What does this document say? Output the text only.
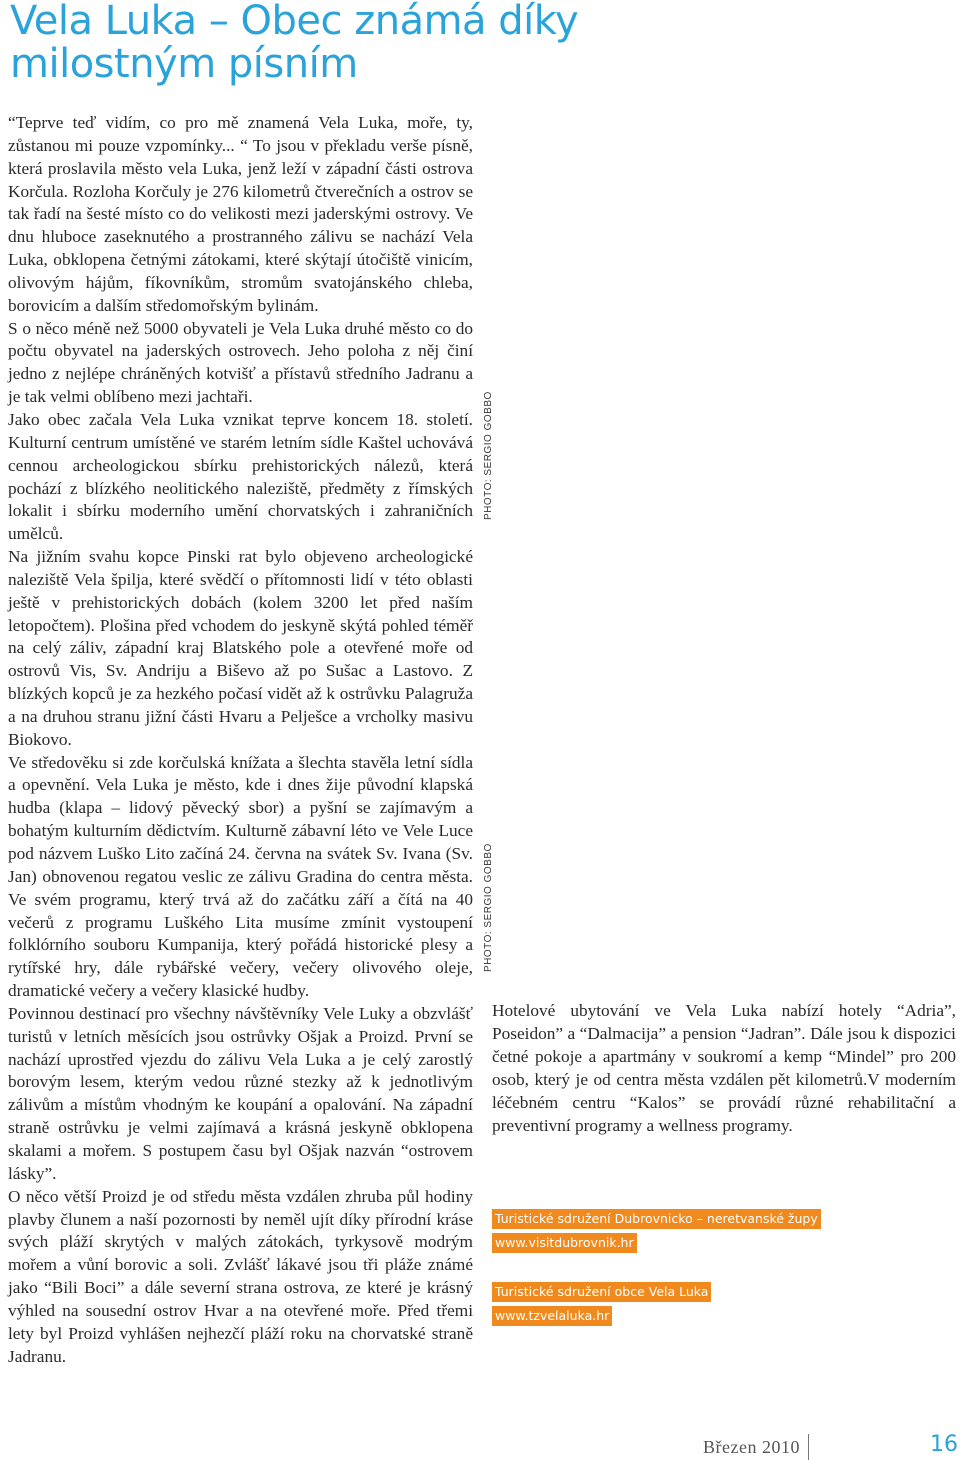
Vela Luka – Obec známá díky milostným písním

“Teprve teď vidím, co pro mě znamená Vela Luka, moře, ty, zůstanou mi pouze vzpomínky... “ To jsou v překladu verše písně, která proslavila město vela Luka, jenž leží v západní části ostrova Korčula. Rozloha Korčuly je 276 kilometrů čtverečních a ostrov se tak řadí na šesté místo co do velikosti mezi jaderskými ostrovy. Ve dnu hluboce zaseknutého a prostranného zálivu se nachází Vela Luka, obklopena četnými zátokami, které skýtají útočiště vinicím, olivovým hájům, fíkovníkům, stromům svatojánského chleba, borovicím a dalším středomořským bylinám.

S o něco méně než 5000 obyvateli je Vela Luka druhé město co do počtu obyvatel na jaderských ostrovech. Jeho poloha z něj činí jedno z nejlépe chráněných kotvišť a přístavů středního Jadranu a je tak velmi oblíbeno mezi jachtaři.

Jako obec začala Vela Luka vznikat teprve koncem 18. století. Kulturní centrum umístěné ve starém letním sídle Kaštel uchovává cennou archeologickou sbírku prehistorických nálezů, která pochází z blízkého neolitického naleziště, předměty z římských lokalit i sbírku moderního umění chorvatských i zahraničních umělců.

Na jižním svahu kopce Pinski rat bylo objeveno archeologické naleziště Vela špilja, které svědčí o přítomnosti lidí v této oblasti ještě v prehistorických dobách (kolem 3200 let před naším letopočtem). Plošina před vchodem do jeskyně skýtá pohled téměř na celý záliv, západní kraj Blatského pole a otevřené moře od ostrovů Vis, Sv. Andriju a Biševo až po Sušac a Lastovo. Z blízkých kopců je za hezkého počasí vidět až k ostrůvku Palagruža a na druhou stranu jižní části Hvaru a Pelješce a vrcholky masivu Biokovo.

Ve středověku si zde korčulská knížata a šlechta stavěla letní sídla a opevnění. Vela Luka je město, kde i dnes žije původní klapská hudba (klapa – lidový pěvecký sbor) a pyšní se zajímavým a bohatým kulturním dědictvím. Kulturně zábavní léto ve Vele Luce pod názvem Luško Lito začíná 24. června na svátek Sv. Ivana (Sv. Jan) obnovenou regatou veslic ze zálivu Gradina do centra města. Ve svém programu, který trvá až do začátku září a čítá na 40 večerů z programu Luškého Lita musíme zmínit vystoupení folklórního souboru Kumpanija, který pořádá historické plesy a rytířské hry, dále rybářské večery, večery olivového oleje, dramatické večery a večery klasické hudby.

Povinnou destinací pro všechny návštěvníky Vele Luky a obzvlášť turistů v letních měsících jsou ostrůvky Ošjak a Proizd. První se nachází uprostřed vjezdu do zálivu Vela Luka a je celý zarostlý borovým lesem, kterým vedou různé stezky až k jednotlivým zálivům a místům vhodným ke koupání a opalování. Na západní straně ostrůvku je velmi zajímavá a krásná jeskyně obklopena skalami a mořem. S postupem času byl Ošjak nazván “ostrovem lásky”.

O něco větší Proizd je od středu města vzdálen zhruba půl hodiny plavby člunem a naší pozornosti by neměl ujít díky přírodní kráse svých pláží skrytých v malých zátokách, tyrkysově modrým mořem a vůní borovic a soli. Zvlášť lákavé jsou tři pláže známé jako “Bili Boci” a dále severní strana ostrova, ze které je krásný výhled na sousední ostrov Hvar a na otevřené moře. Před třemi lety byl Proizd vyhlášen nejhezčí pláží roku na chorvatské straně Jadranu.

PHOTO: SERGIO GOBBO
PHOTO: SERGIO GOBBO

Hotelové ubytování ve Vela Luka nabízí hotely “Adria”, Poseidon” a “Dalmacija” a pension “Jadran”. Dále jsou k dispozici četné pokoje a apartmány v soukromí a kemp “Mindel” pro 200 osob, který je od centra města vzdálen pět kilometrů.V moderním léčebném centru “Kalos” se provádí různé rehabilitační a preventivní programy a wellness programy.

Turistické sdružení Dubrovnicko – neretvanské župy
www.visitdubrovnik.hr
Turistické sdružení obce Vela Luka
www.tzvelaluka.hr
Březen 2010	16
